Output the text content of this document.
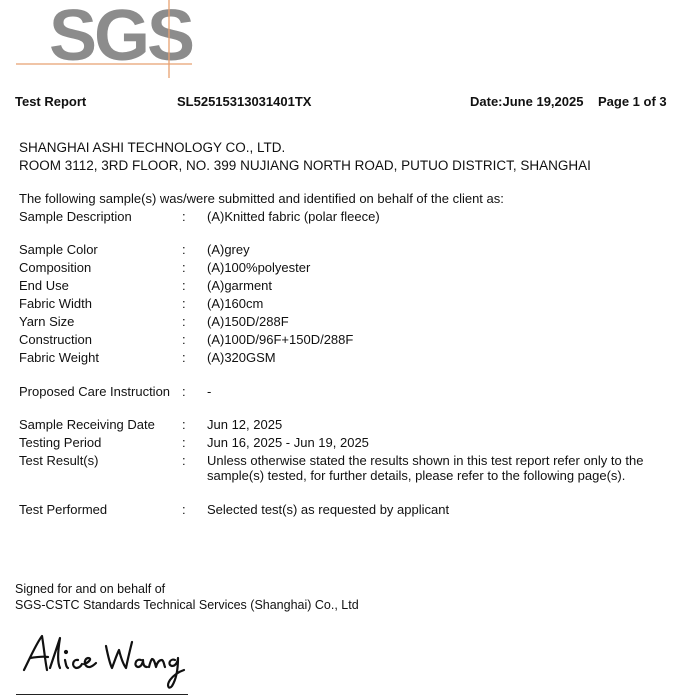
SGS
Test Report	SL52515313031401TX	Date:June 19,2025 Page 1 of 3
SHANGHAI ASHI TECHNOLOGY CO., LTD.
ROOM 3112, 3RD FLOOR, NO. 399 NUJIANG NORTH ROAD, PUTUO DISTRICT, SHANGHAI
The following sample(s) was/were submitted and identified on behalf of the client as:
Sample Description	: (A)Knitted fabric (polar fleece)
Sample Color	: (A)grey
Composition	: (A)100%polyester
End Use	: (A)garment
Fabric Width	: (A)160cm
Yarn Size	: (A)150D/288F
Construction	: (A)100D/96F+150D/288F
Fabric Weight	: (A)320GSM
Proposed Care Instruction : -
Sample Receiving Date : Jun 12, 2025
Testing Period	: Jun 16, 2025 - Jun 19, 2025
Test Result(s)	: Unless otherwise stated the results shown in this test report refer only to the
sample(s) tested, for further details, please refer to the following page(s).
Test Performed	: Selected test(s) as requested by applicant
Signed for and on behalf of
SGS-CSTC Standards Technical Services (Shanghai) Co., Ltd
